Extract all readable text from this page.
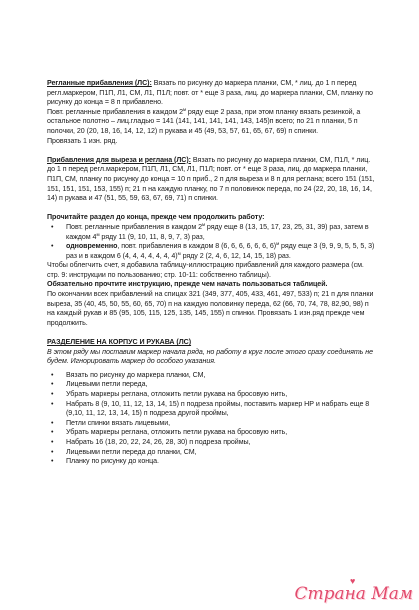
Регланные прибавления (ЛС): Вязать по рисунку до маркера планки, СМ, * лиц. до 1 п перед регл.маркером, П1П, Л1, СМ, Л1, П1Л; повт. от * еще 3 раза, лиц. до маркера планки, СМ, планку по рисунку до конца = 8 п прибавлено.

Повт. регланные прибавления в каждом $2^м$ ряду еще 2 раза, при этом планку вязать резинкой, а остальное полотно – лиц.гладью = 141 (141, 141, 141, 141, 143, 145)п всего; по 21 п планки, 5 п полочки, 20 (20, 18, 16, 14, 12, 12) п рукава и 45 (49, 53, 57, 61, 65, 67, 69) п спинки.

Провязать 1 изн. ряд.

Прибавления для выреза и реглана (ЛС): Вязать по рисунку до маркера планки, СМ, П1Л, * лиц. до 1 п перед регл.маркером, П1П, Л1, СМ, Л1, П1Л; повт. от * еще 3 раза, лиц. до маркера планки, П1П, СМ, планку по рисунку до конца = 10 п приб., 2 п для выреза и 8 п для реглана; всего 151 (151, 151, 151, 151, 153, 155) п; 21 п на каждую планку, по 7 п половинок переда, по 24 (22, 20, 18, 16, 14, 14) п рукава и 47 (51, 55, 59, 63, 67, 69, 71) п спинки.

Прочитайте раздел до конца, прежде чем продолжить работу:

• Повт. регланные прибавления в каждом $2^м$ ряду еще 8 (13, 15, 17, 23, 25, 31, 39) раз, затем в каждом $4^м$ ряду 11 (9, 10, 11, 8, 9, 7, 3) раз,
• одновременно, повт. прибавления в каждом 8 (6, 6, 6, 6, 6, 6, 6)$^м$ ряду еще 3 (9, 9, 9, 5, 5, 5, 3) раз и в каждом 6 (4, 4, 4, 4, 4, 4, 4)$^м$ ряду 2 (2, 4, 6, 12, 14, 15, 18) раз.

Чтобы облегчить счет, я добавила таблицу-иллюстрацию прибавлений для каждого размера (см. стр. 9: инструкции по пользованию; стр. 10-11: собственно таблицы).

Обязательно прочтите инструкцию, прежде чем начать пользоваться таблицей.

По окончании всех прибавлений на спицах 321 (349, 377, 405, 433, 461, 497, 533) п; 21 п для планки выреза, 35 (40, 45, 50, 55, 60, 65, 70) п на каждую половинку переда, 62 (66, 70, 74, 78, 82,90, 98) п на каждый рукав и 85 (95, 105, 115, 125, 135, 145, 155) п спинки. Провязать 1 изн.ряд прежде чем продолжить.

РАЗДЕЛЕНИЕ НА КОРПУС И РУКАВА (ЛС)

В этом ряду мы поставим маркер начала ряда, но работу в круг после этого сразу соединять не будем. Игнорировать маркер до особого указания.

• Вязать по рисунку до маркера планки, СМ,
• Лицевыми петли переда,
• Убрать маркеры реглана, отложить петли рукава на бросовую нить,
• Набрать 8 (9, 10, 11, 12, 13, 14, 15) п подреза проймы, поставить маркер НР и набрать еще 8 (9,10, 11, 12, 13, 14, 15) п подреза другой проймы,
• Петли спинки вязать лицевыми,
• Убрать маркеры реглана, отложить петли рукава на бросовую нить,
• Набрать 16 (18, 20, 22, 24, 26, 28, 30) п подреза проймы,
• Лицевыми петли переда до планки, СМ,
• Планку по рисунку до конца.
♥
Страна Мам
